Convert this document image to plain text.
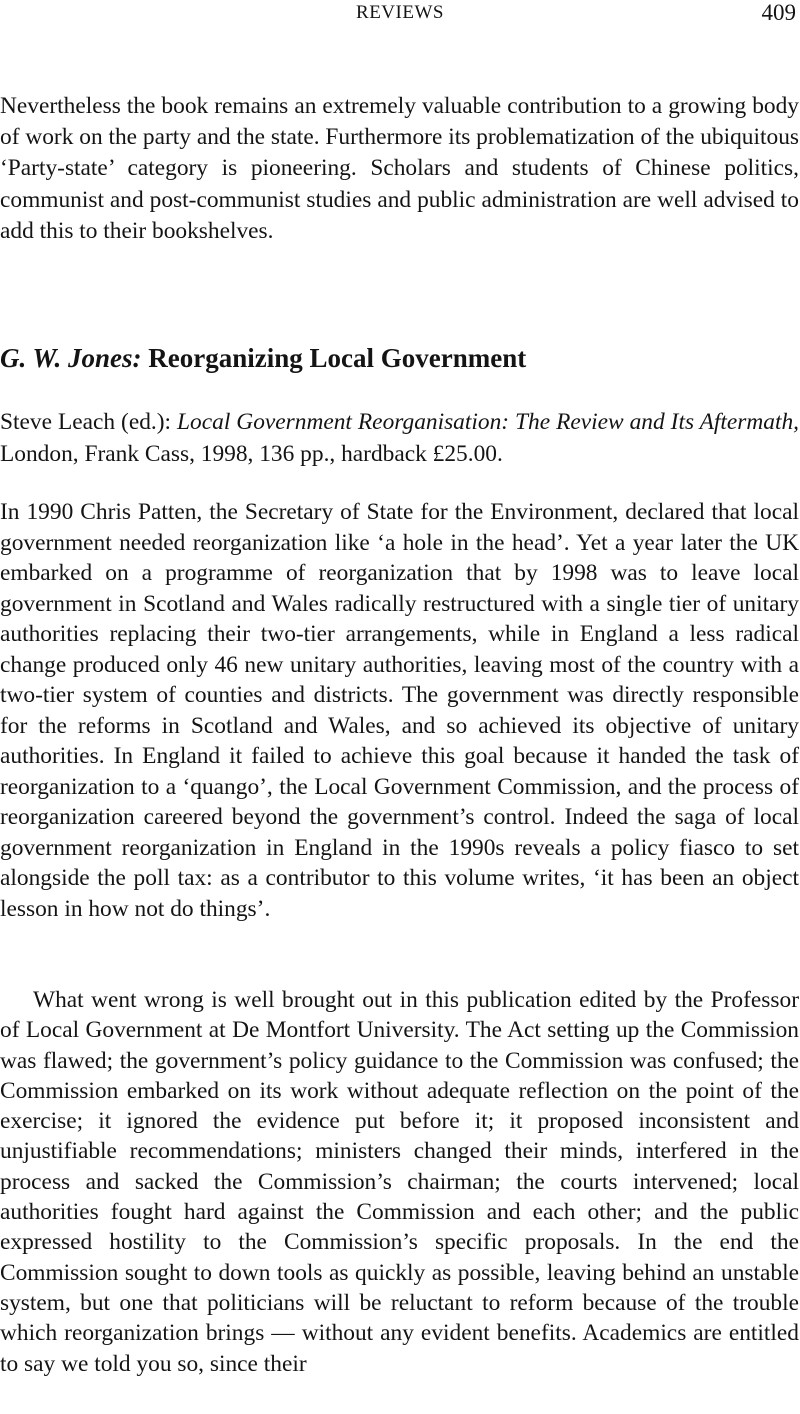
REVIEWS	409

Nevertheless the book remains an extremely valuable contribution to a growing body of work on the party and the state. Furthermore its problematization of the ubiquitous ‘Party-state’ category is pioneering. Scholars and students of Chinese politics, communist and post-communist studies and public administration are well advised to add this to their bookshelves.

G. W. Jones: Reorganizing Local Government

Steve Leach (ed.): Local Government Reorganisation: The Review and Its Aftermath, London, Frank Cass, 1998, 136 pp., hardback £25.00.

In 1990 Chris Patten, the Secretary of State for the Environment, declared that local government needed reorganization like ‘a hole in the head’. Yet a year later the UK embarked on a programme of reorganization that by 1998 was to leave local government in Scotland and Wales radically restructured with a single tier of unitary authorities replacing their two-tier arrangements, while in England a less radical change produced only 46 new unitary authorities, leaving most of the country with a two-tier system of counties and districts. The government was directly responsible for the reforms in Scotland and Wales, and so achieved its objective of unitary authorities. In England it failed to achieve this goal because it handed the task of reorganization to a ‘quango’, the Local Government Commission, and the process of reorganization careered beyond the government’s control. Indeed the saga of local government reorganization in England in the 1990s reveals a policy fiasco to set alongside the poll tax: as a contributor to this volume writes, ‘it has been an object lesson in how not do things’.

What went wrong is well brought out in this publication edited by the Professor of Local Government at De Montfort University. The Act setting up the Commission was flawed; the government’s policy guidance to the Commission was confused; the Commission embarked on its work without adequate reflection on the point of the exercise; it ignored the evidence put before it; it proposed inconsistent and unjustifiable recommendations; ministers changed their minds, interfered in the process and sacked the Commission’s chairman; the courts intervened; local authorities fought hard against the Commission and each other; and the public expressed hostility to the Commission’s specific proposals. In the end the Commission sought to down tools as quickly as possible, leaving behind an unstable system, but one that politicians will be reluctant to reform because of the trouble which reorganization brings — without any evident benefits. Academics are entitled to say we told you so, since their
